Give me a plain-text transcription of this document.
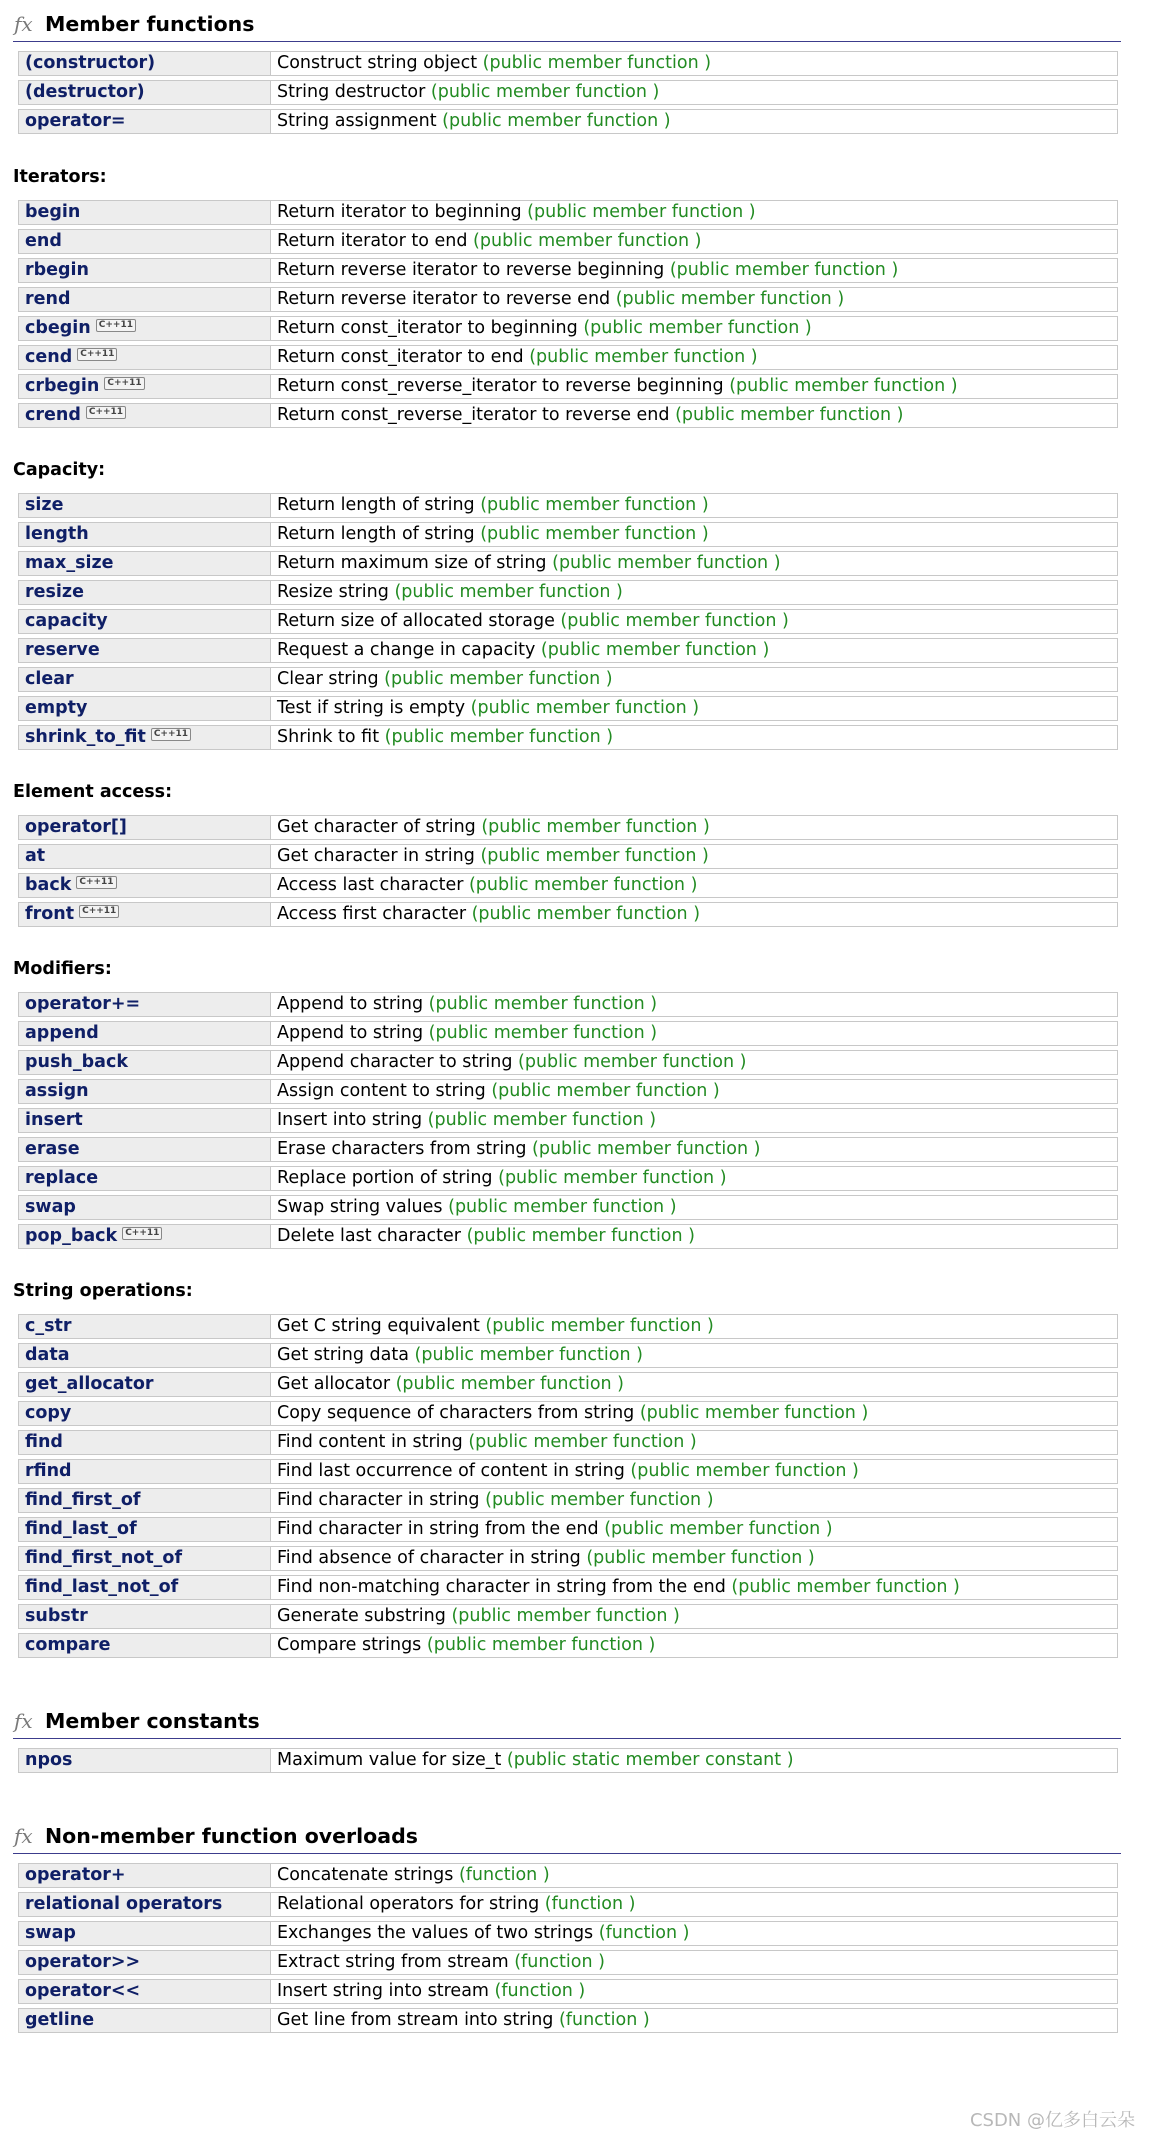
fx Member functions
(constructor)	Construct string object (public member function )
(destructor)	String destructor (public member function )
operator=	String assignment (public member function )
Iterators:
begin	Return iterator to beginning (public member function )
end	Return iterator to end (public member function )
rbegin	Return reverse iterator to reverse beginning (public member function )
rend	Return reverse iterator to reverse end (public member function )
cbegin C++11	Return const_iterator to beginning (public member function )
cend C++11	Return const_iterator to end (public member function )
crbegin C++11	Return const_reverse_iterator to reverse beginning (public member function )
crend C++11	Return const_reverse_iterator to reverse end (public member function )
Capacity:
size	Return length of string (public member function )
length	Return length of string (public member function )
max_size	Return maximum size of string (public member function )
resize	Resize string (public member function )
capacity	Return size of allocated storage (public member function )
reserve	Request a change in capacity (public member function )
clear	Clear string (public member function )
empty	Test if string is empty (public member function )
shrink_to_fit C++11	Shrink to fit (public member function )
Element access:
operator[]	Get character of string (public member function )
at	Get character in string (public member function )
back C++11	Access last character (public member function )
front C++11	Access first character (public member function )
Modifiers:
operator+=	Append to string (public member function )
append	Append to string (public member function )
push_back	Append character to string (public member function )
assign	Assign content to string (public member function )
insert	Insert into string (public member function )
erase	Erase characters from string (public member function )
replace	Replace portion of string (public member function )
swap	Swap string values (public member function )
pop_back C++11	Delete last character (public member function )
String operations:
c_str	Get C string equivalent (public member function )
data	Get string data (public member function )
get_allocator	Get allocator (public member function )
copy	Copy sequence of characters from string (public member function )
find	Find content in string (public member function )
rfind	Find last occurrence of content in string (public member function )
find_first_of	Find character in string (public member function )
find_last_of	Find character in string from the end (public member function )
find_first_not_of	Find absence of character in string (public member function )
find_last_not_of	Find non-matching character in string from the end (public member function )
substr	Generate substring (public member function )
compare	Compare strings (public member function )
fx Member constants
npos	Maximum value for size_t (public static member constant )
fx Non-member function overloads
operator+	Concatenate strings (function )
relational operators	Relational operators for string (function )
swap	Exchanges the values of two strings (function )
operator>>	Extract string from stream (function )
operator<<	Insert string into stream (function )
getline	Get line from stream into string (function )
CSDN @亿多白云朵
